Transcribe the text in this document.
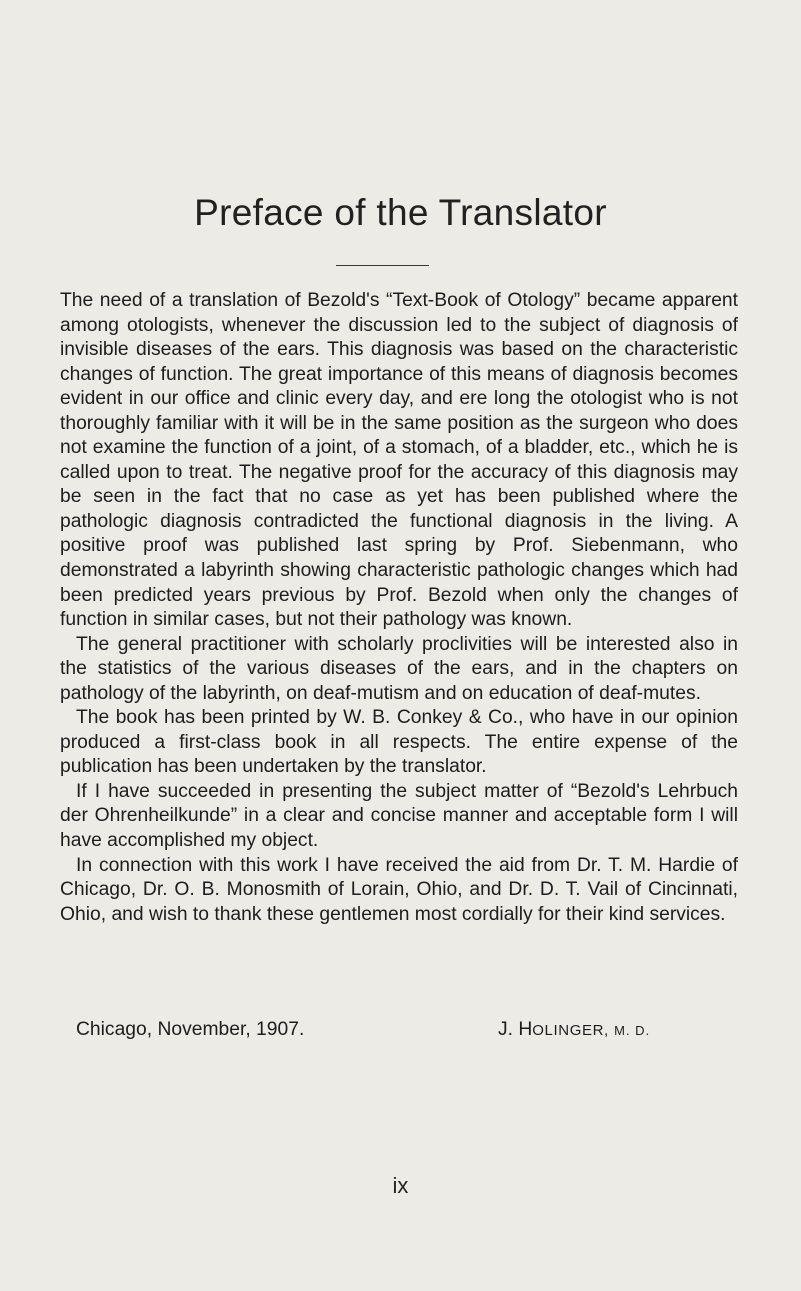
Preface of the Translator

The need of a translation of Bezold's “Text-Book of Otology” became apparent among otologists, whenever the discussion led to the subject of diagnosis of invisible diseases of the ears. This diagnosis was based on the characteristic changes of function. The great importance of this means of diagnosis becomes evident in our office and clinic every day, and ere long the otologist who is not thoroughly familiar with it will be in the same position as the surgeon who does not examine the function of a joint, of a stomach, of a bladder, etc., which he is called upon to treat. The negative proof for the accuracy of this diagnosis may be seen in the fact that no case as yet has been published where the pathologic diagnosis contradicted the functional diagnosis in the living. A positive proof was published last spring by Prof. Siebenmann, who demonstrated a labyrinth showing characteristic pathologic changes which had been predicted years previous by Prof. Bezold when only the changes of function in similar cases, but not their pathology was known.

The general practitioner with scholarly proclivities will be interested also in the statistics of the various diseases of the ears, and in the chapters on pathology of the labyrinth, on deaf-mutism and on education of deaf-mutes.

The book has been printed by W. B. Conkey & Co., who have in our opinion produced a first-class book in all respects. The entire expense of the publication has been undertaken by the translator.

If I have succeeded in presenting the subject matter of “Bezold's Lehrbuch der Ohrenheilkunde” in a clear and concise manner and acceptable form I will have accomplished my object.

In connection with this work I have received the aid from Dr. T. M. Hardie of Chicago, Dr. O. B. Monosmith of Lorain, Ohio, and Dr. D. T. Vail of Cincinnati, Ohio, and wish to thank these gentlemen most cordially for their kind services.

Chicago, November, 1907.	J. HOLINGER, M. D.
ix
